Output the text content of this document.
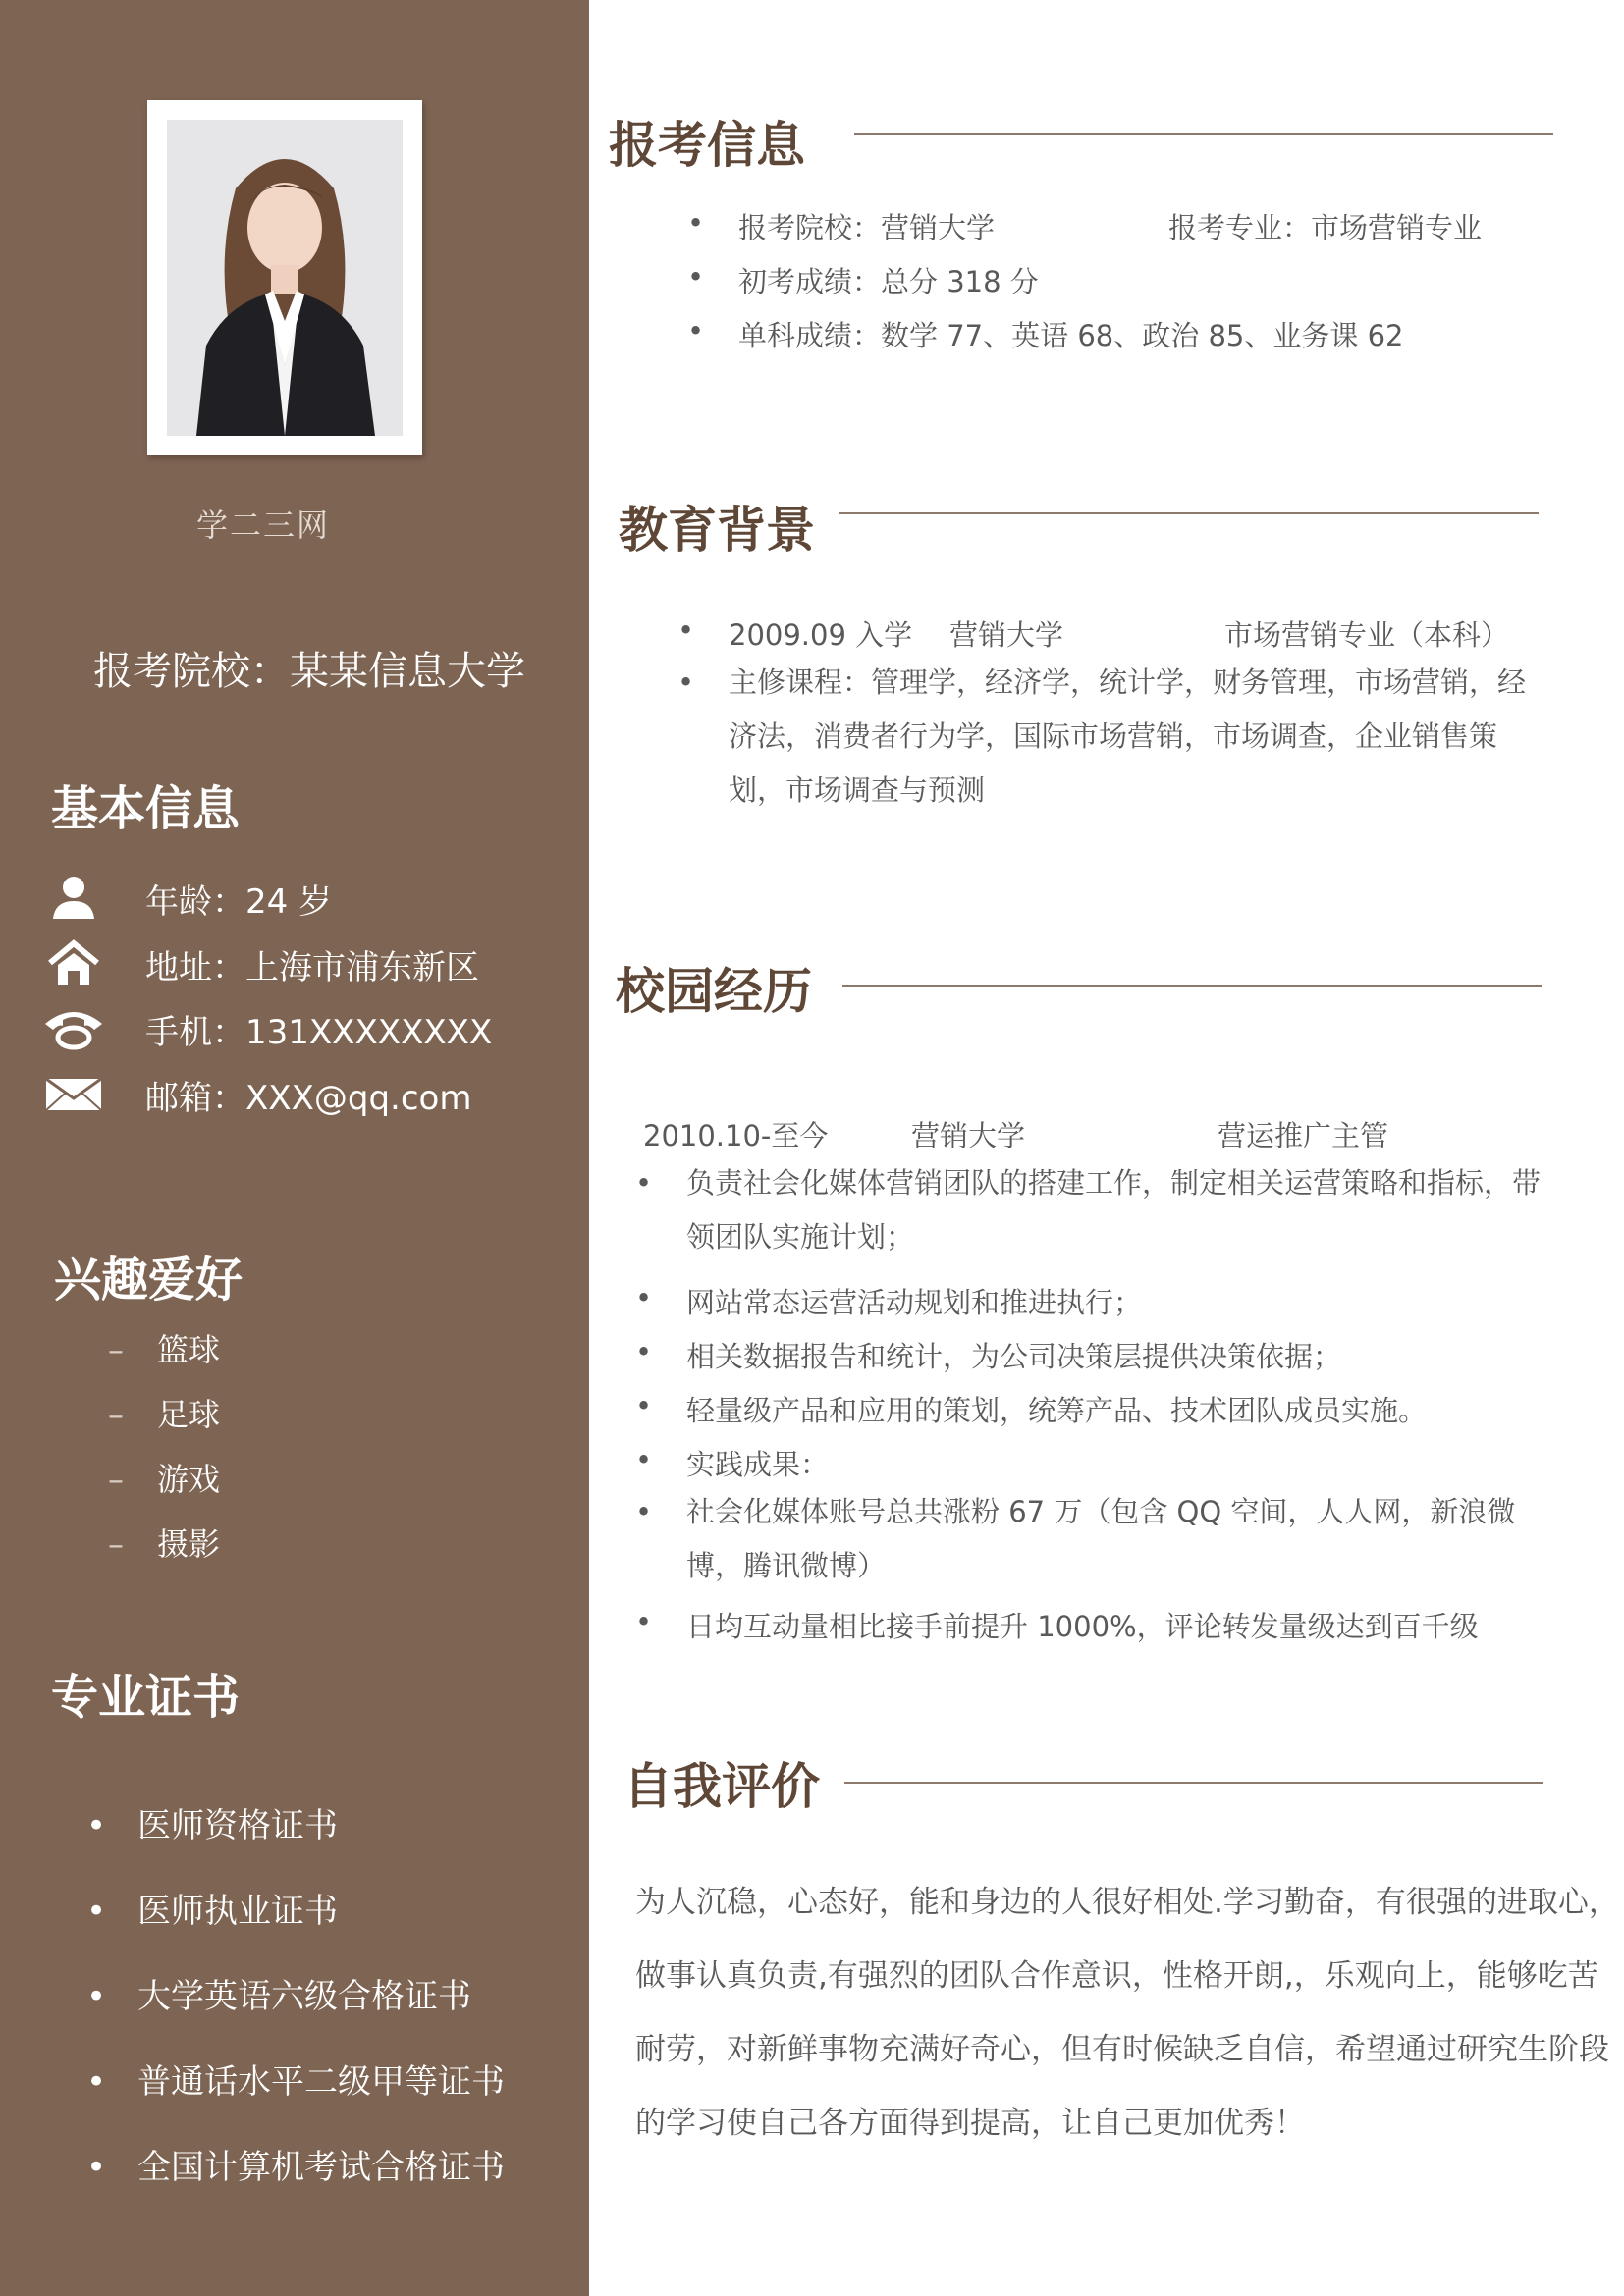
学二三网
报考院校：某某信息大学
基本信息
年龄：24 岁
地址：上海市浦东新区
手机：131XXXXXXXX
邮箱：XXX@qq.com
兴趣爱好
– 篮球
– 足球
– 游戏
– 摄影
专业证书
• 医师资格证书
• 医师执业证书
• 大学英语六级合格证书
• 普通话水平二级甲等证书
• 全国计算机考试合格证书
报考信息
• 报考院校：营销大学	报考专业：市场营销专业
• 初考成绩：总分 318 分
• 单科成绩：数学 77、英语 68、政治 85、业务课 62
教育背景
• 2009.09 入学 营销大学	市场营销专业（本科）
•	主修课程：管理学，经济学，统计学，财务管理，市场营销，经济法，消费者行为学，国际市场营销，市场调查，企业销售策划，市场调查与预测
校园经历
2010.10-至今	营销大学	营运推广主管
•	负责社会化媒体营销团队的搭建工作，制定相关运营策略和指标，带领团队实施计划；
• 网站常态运营活动规划和推进执行；
• 相关数据报告和统计，为公司决策层提供决策依据；
• 轻量级产品和应用的策划，统筹产品、技术团队成员实施。
• 实践成果：
•	社会化媒体账号总共涨粉 67 万（包含 QQ 空间，人人网，新浪微博，腾讯微博）
• 日均互动量相比接手前提升 1000%，评论转发量级达到百千级
自我评价
为人沉稳，心态好，能和身边的人很好相处.学习勤奋，有很强的进取心，
做事认真负责,有强烈的团队合作意识，性格开朗,，乐观向上，能够吃苦
耐劳，对新鲜事物充满好奇心，但有时候缺乏自信，希望通过研究生阶段
的学习使自己各方面得到提高，让自己更加优秀！
